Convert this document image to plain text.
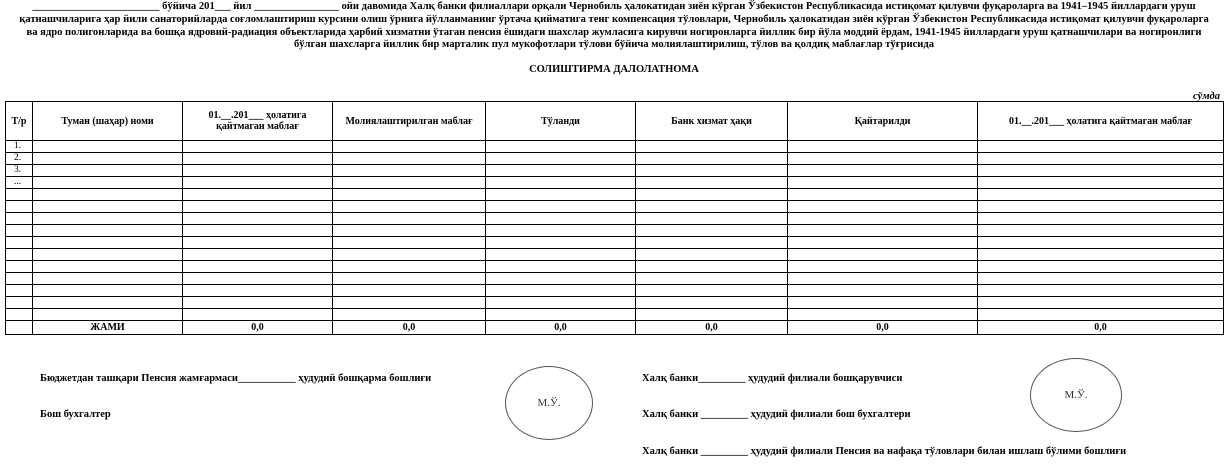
________________________ бўйича 201___ йил ________________ ойи давомида Халқ банки филиаллари орқали Чернобиль ҳалокатидан зиён кўрган Ўзбекистон Республикасида истиқомат қилувчи фуқароларга ва 1941–1945 йиллардаги уруш
қатнашчиларига ҳар йили санаторийларда соғломлаштириш курсини олиш ўрнига йўлланманинг ўртача қийматига тенг компенсация тўловлари, Чернобиль ҳалокатидан зиён кўрган Ўзбекистон Республикасида истиқомат қилувчи фуқароларга
ва ядро полигонларида ва бошқа ядровий-радиация объектларида ҳарбий хизматни ўтаган пенсия ёшидаги шахслар жумласига кирувчи ногиронларга йиллик бир йўла моддий ёрдам, 1941-1945 йиллардаги уруш қатнашчилари ва ногиронлиги
бўлган шахсларга йиллик бир марталик пул мукофотлари тўлови бўйича молиялаштирилиш, тўлов ва қолдиқ маблағлар тўғрисида
СОЛИШТИРМА ДАЛОЛАТНОМА
сўмда
Т/р	Туман (шаҳар) номи	01.__.201___ ҳолатига қайтмаган маблағ	Молиялаштирилган маблағ	Тўланди	Банк хизмат ҳақи	Қайтарилди	01.__.201___ ҳолатига қайтмаган маблағ
1.							
2.							
3.							
...							

	ЖАМИ	0,0	0,0	0,0	0,0	0,0	0,0
Бюджетдан ташқари Пенсия жамғармаси___________ ҳудудий бошқарма бошлиғи
Бош бухгалтер
Халқ банки_________ ҳудудий филиали бошқарувчиси
Халқ банки _________ ҳудудий филиали бош бухгалтери
Халқ банки _________ ҳудудий филиали Пенсия ва нафақа тўловлари билан ишлаш бўлими бошлиғи
М.Ў.
М.Ў.
